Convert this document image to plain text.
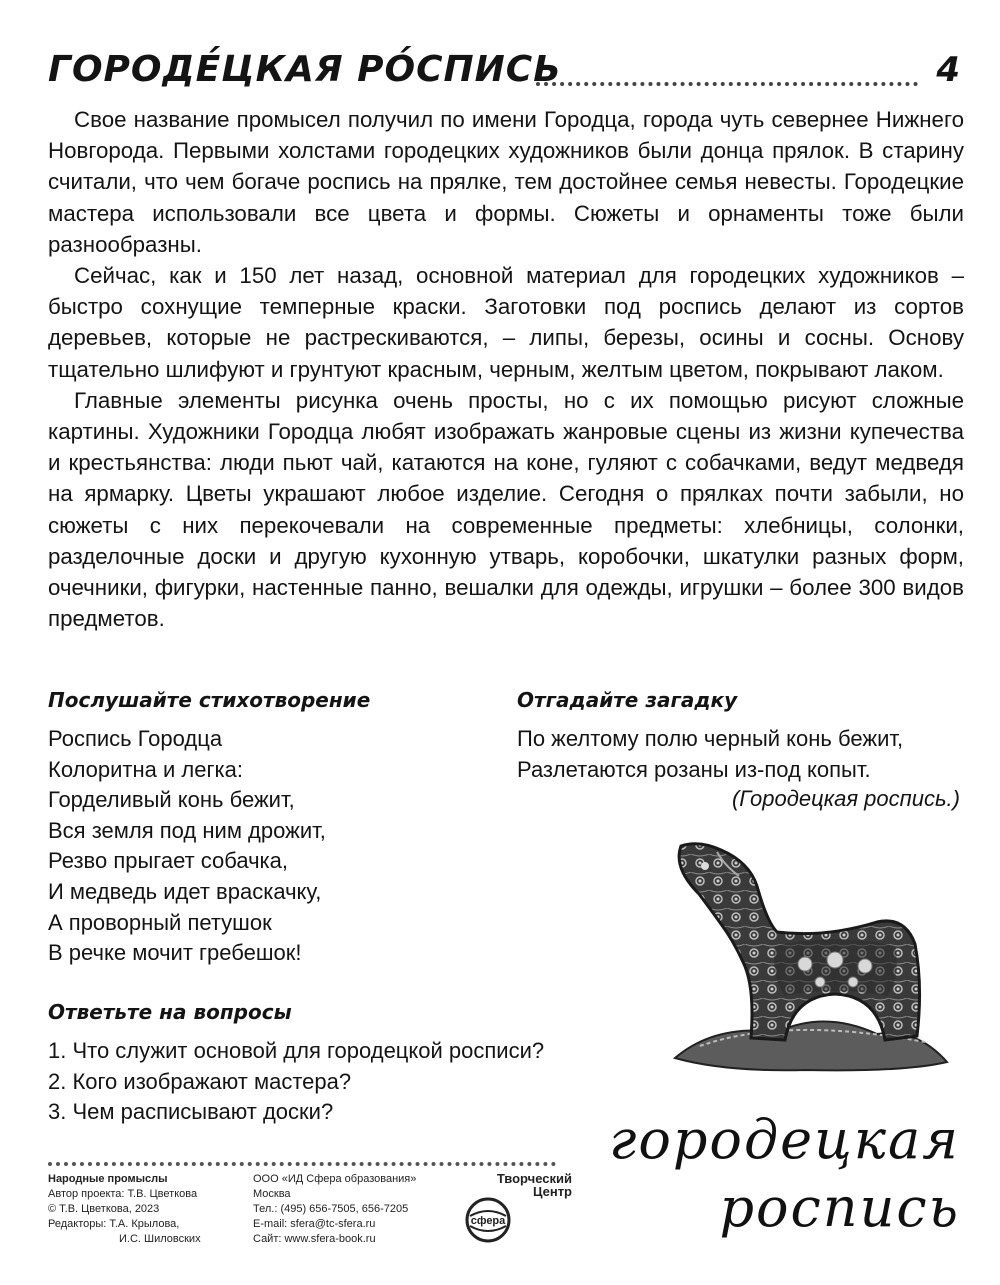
ГОРОДЕ́ЦКАЯ РО́СПИСЬ	4

Свое название промысел получил по имени Городца, города чуть севернее Нижнего Новгорода. Первыми холстами городецких художников были донца прялок. В старину считали, что чем богаче роспись на прялке, тем достойнее семья невесты. Городецкие мастера использовали все цвета и формы. Сюжеты и орнаменты тоже были разнообразны.

Сейчас, как и 150 лет назад, основной материал для городецких художников – быстро сохнущие темперные краски. Заготовки под роспись делают из сортов деревьев, которые не растрескиваются, – липы, березы, осины и сосны. Основу тщательно шлифуют и грунтуют красным, черным, желтым цветом, покрывают лаком.

Главные элементы рисунка очень просты, но с их помощью рисуют сложные картины. Художники Городца любят изображать жанровые сцены из жизни купечества и крестьянства: люди пьют чай, катаются на коне, гуляют с собачками, ведут медведя на ярмарку. Цветы украшают любое изделие. Сегодня о прялках почти забыли, но сюжеты с них перекочевали на современные предметы: хлебницы, солонки, разделочные доски и другую кухонную утварь, коробочки, шкатулки разных форм, очечники, фигурки, настенные панно, вешалки для одежды, игрушки – более 300 видов предметов.

Послушайте стихотворение
Роспись Городца
Колоритна и легка:
Горделивый конь бежит,
Вся земля под ним дрожит,
Резво прыгает собачка,
И медведь идет враскачку,
А проворный петушок
В речке мочит гребешок!
Отгадайте загадку
По желтому полю черный конь бежит,
Разлетаются розаны из-под копыт.
(Городецкая роспись.)
Ответьте на вопросы
1. Что служит основой для городецкой росписи?
2. Кого изображают мастера?
3. Чем расписывают доски?	городецкая
роспись
Народные промыслы
Автор проекта: Т.В. Цветкова
© Т.В. Цветкова, 2023
Редакторы: Т.А. Крылова,
И.С. Шиловских
ООО «ИД Сфера образования»
Москва
Тел.: (495) 656-7505, 656-7205
E-mail: sfera@tc-sfera.ru
Сайт: www.sfera-book.ru
Творческий
Центр
сфера
